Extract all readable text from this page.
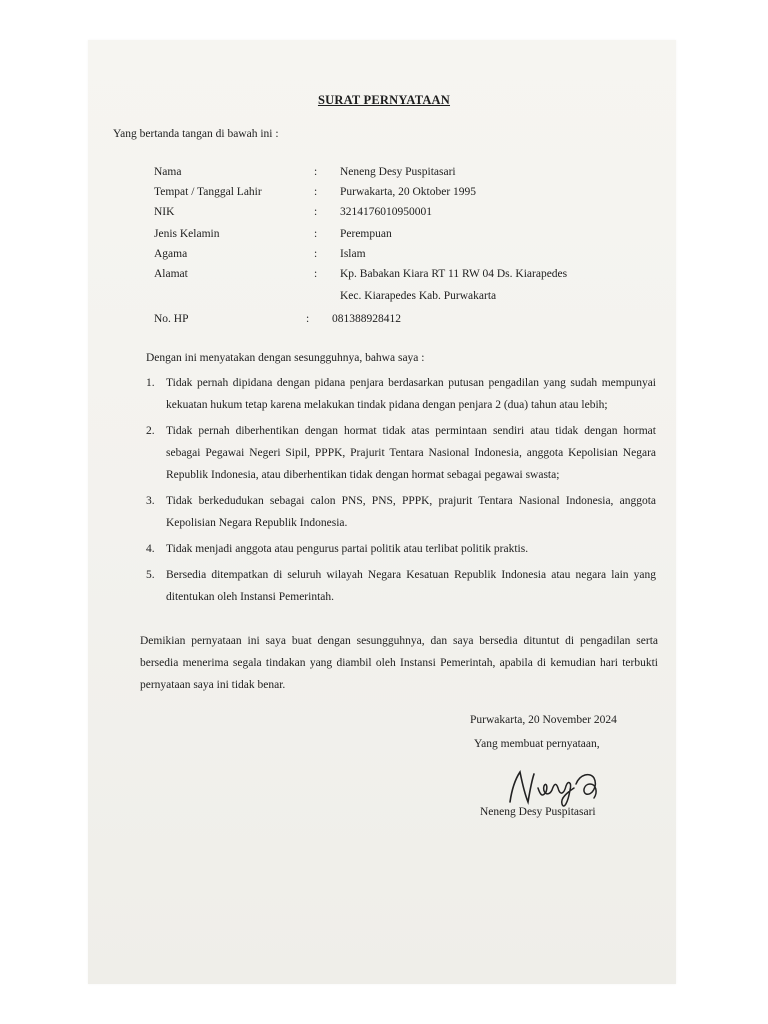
SURAT PERNYATAAN
Yang bertanda tangan di bawah ini :
Nama	: Neneng Desy Puspitasari
Tempat / Tanggal Lahir	: Purwakarta, 20 Oktober 1995
NIK	: 3214176010950001
Jenis Kelamin	: Perempuan
Agama	: Islam
Alamat	: Kp. Babakan Kiara RT 11 RW 04 Ds. Kiarapedes
Kec. Kiarapedes Kab. Purwakarta
No. HP	: 081388928412
Dengan ini menyatakan dengan sesungguhnya, bahwa saya :
1. Tidak pernah dipidana dengan pidana penjara berdasarkan putusan pengadilan yang sudah mempunyai kekuatan hukum tetap karena melakukan tindak pidana dengan penjara 2 (dua) tahun atau lebih;
2. Tidak pernah diberhentikan dengan hormat tidak atas permintaan sendiri atau tidak dengan hormat sebagai Pegawai Negeri Sipil, PPPK, Prajurit Tentara Nasional Indonesia, anggota Kepolisian Negara Republik Indonesia, atau diberhentikan tidak dengan hormat sebagai pegawai swasta;
3. Tidak berkedudukan sebagai calon PNS, PNS, PPPK, prajurit Tentara Nasional Indonesia, anggota Kepolisian Negara Republik Indonesia.
4. Tidak menjadi anggota atau pengurus partai politik atau terlibat politik praktis.
5. Bersedia ditempatkan di seluruh wilayah Negara Kesatuan Republik Indonesia atau negara lain yang ditentukan oleh Instansi Pemerintah.
Demikian pernyataan ini saya buat dengan sesungguhnya, dan saya bersedia dituntut di pengadilan serta bersedia menerima segala tindakan yang diambil oleh Instansi Pemerintah, apabila di kemudian hari terbukti pernyataan saya ini tidak benar.
Purwakarta, 20 November 2024
Yang membuat pernyataan,
Neneng Desy Puspitasari
